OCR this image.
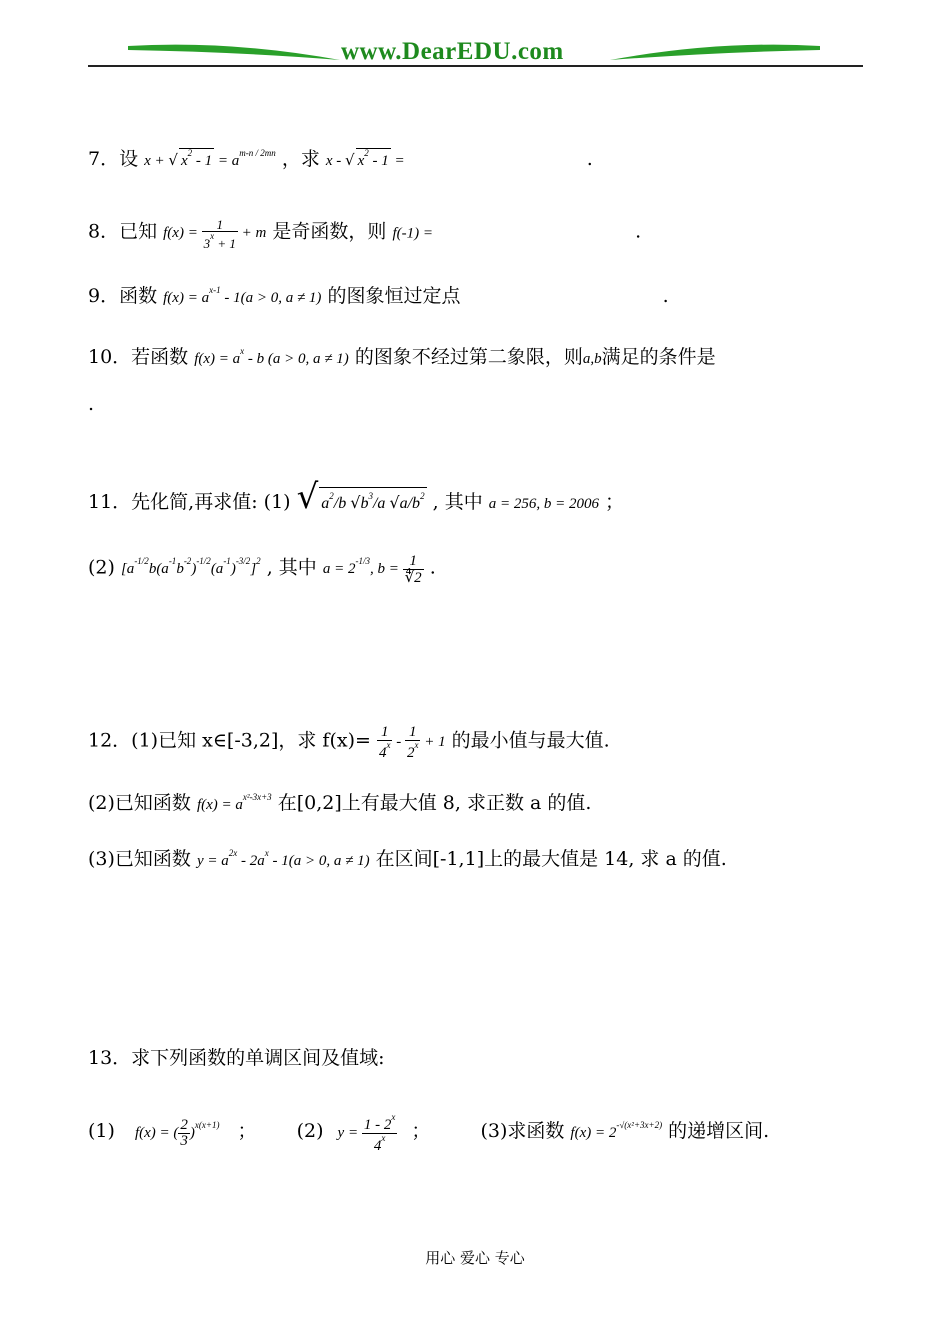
www.DearEDU.com
7．设 x + √ $x^2 - 1 = a^{m-n / 2mn}$ ，求 x - √ $x^2 - 1$ =	.
8．已知 $f(x) = \frac{1}{3^x + 1} + m$ 是奇函数，则 f(-1) =	.
9．函数 $f(x) = a^{x-1} - 1(a > 0$, a ≠ 1) 的图象恒过定点	.
10．若函数 $f(x) = a^x - b$ (a > 0, a ≠ 1) 的图象不经过第二象限，则a,b满足的条件是
.
11．先化简,再求值: (1) √ $a^2/b$ $√b^3/a$ $√a/b^2$ , 其中 a = 256, b = 2006 ；
(2) $[a^{-1/2}b(a^{-1}b^{-2})^{-1/2}(a^{-1})^{-3/2}]^2$ , 其中 $a = 2^{-1/3}$, $b = \frac{1}{∜2}$ .
12．(1)已知 x∈[-3,2]，求 $f(x)= \frac{1}{4^x} - \frac{1}{2^x} + 1$ 的最小值与最大值.
(2)已知函数 $f(x) = a^{x^2-3x+3}$ 在[0,2]上有最大值 8, 求正数 a 的值.
(3)已知函数 $y = a^{2x} - 2a^x - 1(a > 0$, a ≠ 1) 在区间[-1,1]上的最大值是 14, 求 a 的值.
13．求下列函数的单调区间及值域:
(1) f(x) = ( $\frac{2}{3} )^{x(x+1)}$ ； (2) $y = \frac{1 - 2^x}{4^x}$ ；	(3)求函数 $f(x) = 2^{-√(x^2+3x+2)}$ 的递增区间.
用心 爱心 专心
